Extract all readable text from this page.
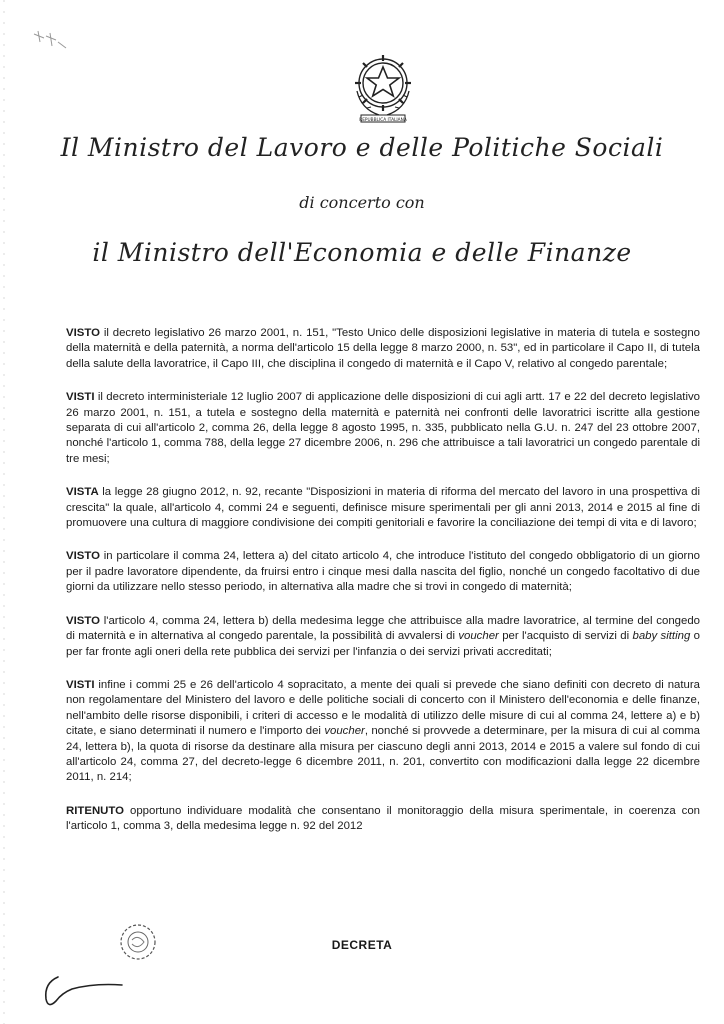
REPUBBLICA ITALIANA
Il Ministro del Lavoro e delle Politiche Sociali
di concerto con
il Ministro dell'Economia e delle Finanze

VISTO il decreto legislativo 26 marzo 2001, n. 151, "Testo Unico delle disposizioni legislative in materia di tutela e sostegno della maternità e della paternità, a norma dell'articolo 15 della legge 8 marzo 2000, n. 53", ed in particolare il Capo II, di tutela della salute della lavoratrice, il Capo III, che disciplina il congedo di maternità e il Capo V, relativo al congedo parentale;

VISTI il decreto interministeriale 12 luglio 2007 di applicazione delle disposizioni di cui agli artt. 17 e 22 del decreto legislativo 26 marzo 2001, n. 151, a tutela e sostegno della maternità e paternità nei confronti delle lavoratrici iscritte alla gestione separata di cui all'articolo 2, comma 26, della legge 8 agosto 1995, n. 335, pubblicato nella G.U. n. 247 del 23 ottobre 2007, nonché l'articolo 1, comma 788, della legge 27 dicembre 2006, n. 296 che attribuisce a tali lavoratrici un congedo parentale di tre mesi;

VISTA la legge 28 giugno 2012, n. 92, recante "Disposizioni in materia di riforma del mercato del lavoro in una prospettiva di crescita" la quale, all'articolo 4, commi 24 e seguenti, definisce misure sperimentali per gli anni 2013, 2014 e 2015 al fine di promuovere una cultura di maggiore condivisione dei compiti genitoriali e favorire la conciliazione dei tempi di vita e di lavoro;

VISTO in particolare il comma 24, lettera a) del citato articolo 4, che introduce l'istituto del congedo obbligatorio di un giorno per il padre lavoratore dipendente, da fruirsi entro i cinque mesi dalla nascita del figlio, nonché un congedo facoltativo di due giorni da utilizzare nello stesso periodo, in alternativa alla madre che si trovi in congedo di maternità;

VISTO l'articolo 4, comma 24, lettera b) della medesima legge che attribuisce alla madre lavoratrice, al termine del congedo di maternità e in alternativa al congedo parentale, la possibilità di avvalersi di voucher per l'acquisto di servizi di baby sitting o per far fronte agli oneri della rete pubblica dei servizi per l'infanzia o dei servizi privati accreditati;

VISTI infine i commi 25 e 26 dell'articolo 4 sopracitato, a mente dei quali si prevede che siano definiti con decreto di natura non regolamentare del Ministero del lavoro e delle politiche sociali di concerto con il Ministero dell'economia e delle finanze, nell'ambito delle risorse disponibili, i criteri di accesso e le modalità di utilizzo delle misure di cui al comma 24, lettere a) e b) citate, e siano determinati il numero e l'importo dei voucher, nonché si provvede a determinare, per la misura di cui al comma 24, lettera b), la quota di risorse da destinare alla misura per ciascuno degli anni 2013, 2014 e 2015 a valere sul fondo di cui all'articolo 24, comma 27, del decreto-legge 6 dicembre 2011, n. 201, convertito con modificazioni dalla legge 22 dicembre 2011, n. 214;

RITENUTO opportuno individuare modalità che consentano il monitoraggio della misura sperimentale, in coerenza con l'articolo 1, comma 3, della medesima legge n. 92 del 2012

DECRETA
